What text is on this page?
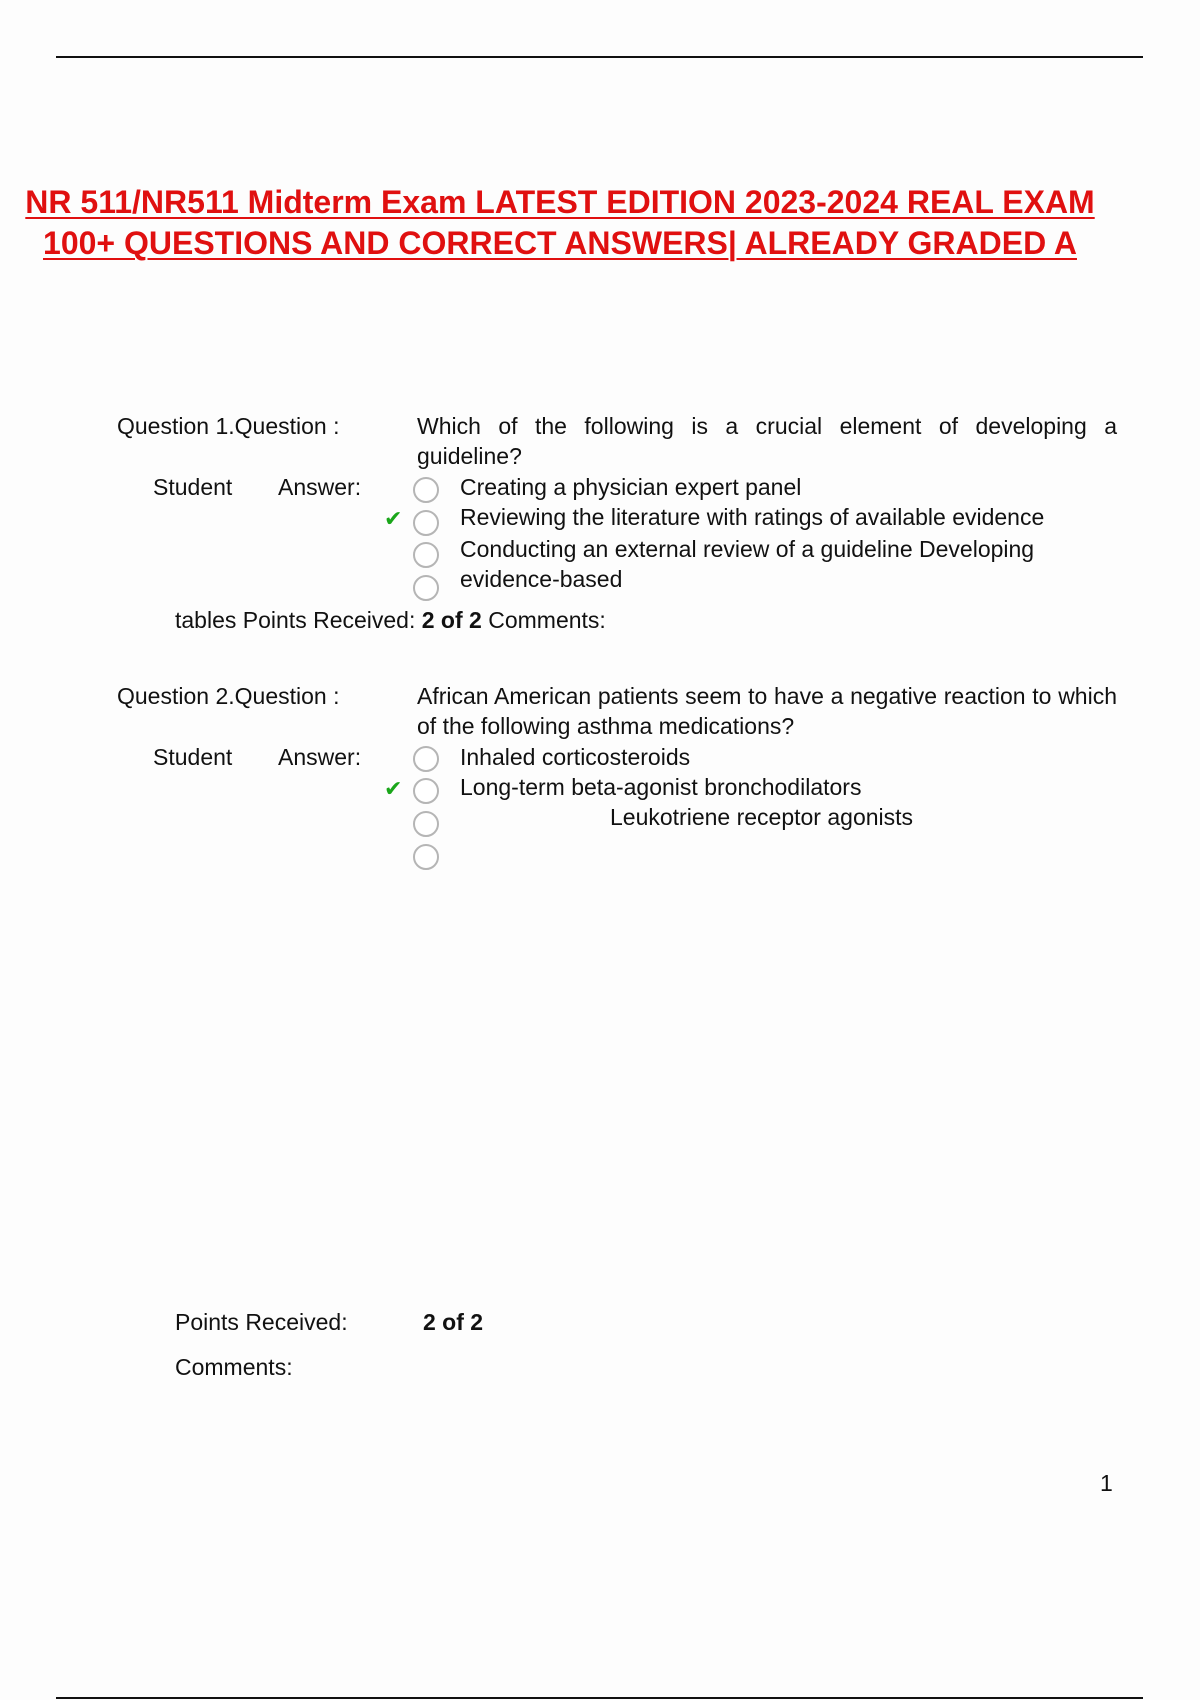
NR 511/NR511 Midterm Exam LATEST EDITION 2023-2024 REAL EXAM 100+ QUESTIONS AND CORRECT ANSWERS| ALREADY GRADED A
Question 1.Question :	Which of the following is a crucial element of developing a guideline?

Student Answer:
✔
Creating a physician expert panel
Reviewing the literature with ratings of available evidence
Conducting an external review of a guideline Developing
evidence-based
tables Points Received: 2 of 2 Comments:
Question 2.Question :	African American patients seem to have a negative reaction to which of the following asthma medications?

Student Answer:
✔
Inhaled corticosteroids
Long-term beta-agonist bronchodilators
Leukotriene receptor agonists
Points Received:	2 of 2
Comments:
1
